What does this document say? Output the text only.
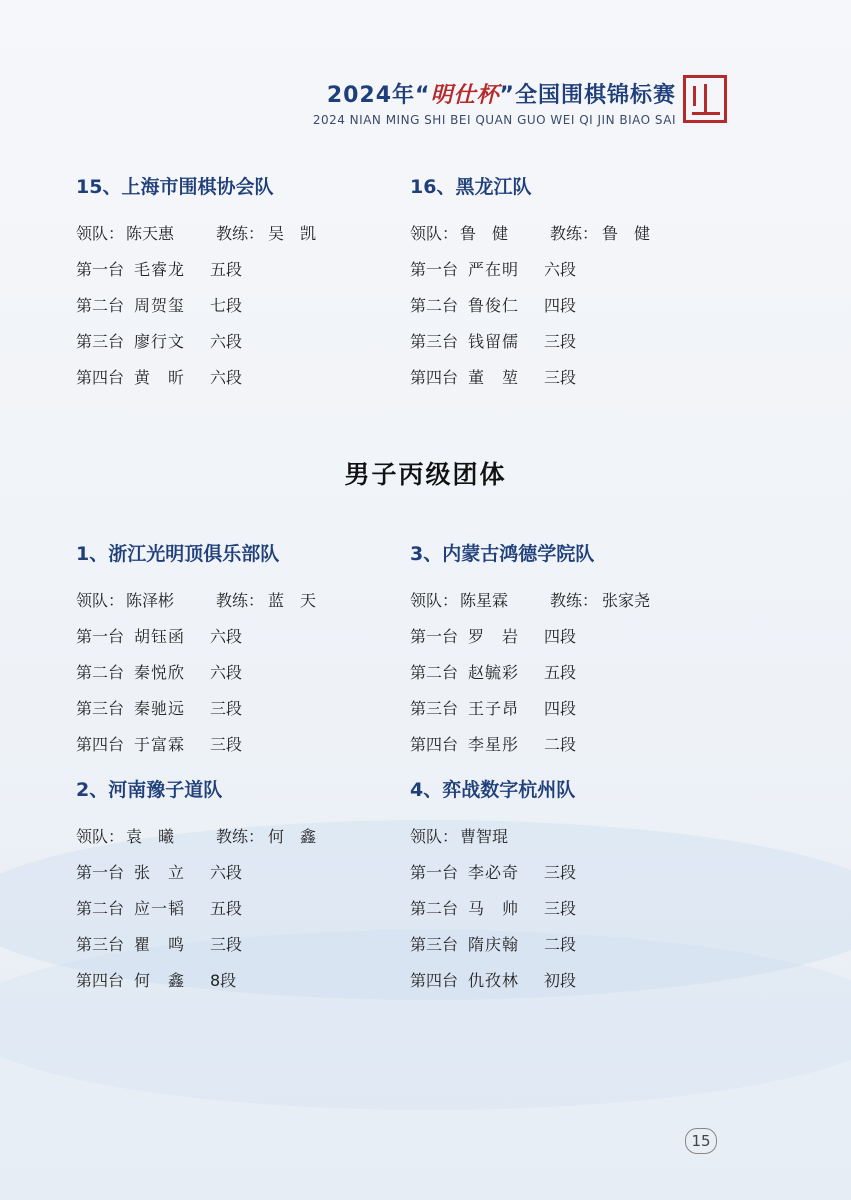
2024年“明仕杯”全国围棋锦标赛
2024 NIAN MING SHI BEI QUAN GUO WEI QI JIN BIAO SAI
15、上海市围棋协会队
领队： 陈天惠	教练： 吴　凯
第一台 毛睿龙 五段
第二台 周贺玺 七段
第三台 廖行文 六段
第四台 黄　昕 六段
16、黑龙江队
领队： 鲁　健	教练： 鲁　健
第一台 严在明 六段
第二台 鲁俊仁 四段
第三台 钱留儒 三段
第四台 董　堃 三段
男子丙级团体
1、浙江光明顶俱乐部队
领队： 陈泽彬	教练： 蓝　天
第一台 胡钰函 六段
第二台 秦悦欣 六段
第三台 秦驰远 三段
第四台 于富霖 三段
3、内蒙古鸿德学院队
领队： 陈星霖	教练： 张家尧
第一台 罗　岩 四段
第二台 赵毓彩 五段
第三台 王子昂 四段
第四台 李星彤 二段
2、河南豫子道队
领队： 袁　曦	教练： 何　鑫
第一台 张　立 六段
第二台 应一韬 五段
第三台 瞿　鸣 三段
第四台 何　鑫 8段
4、弈战数字杭州队
领队： 曹智琨
第一台 李必奇 三段
第二台 马　帅 三段
第三台 隋庆翰 二段
第四台 仇孜林 初段
15
